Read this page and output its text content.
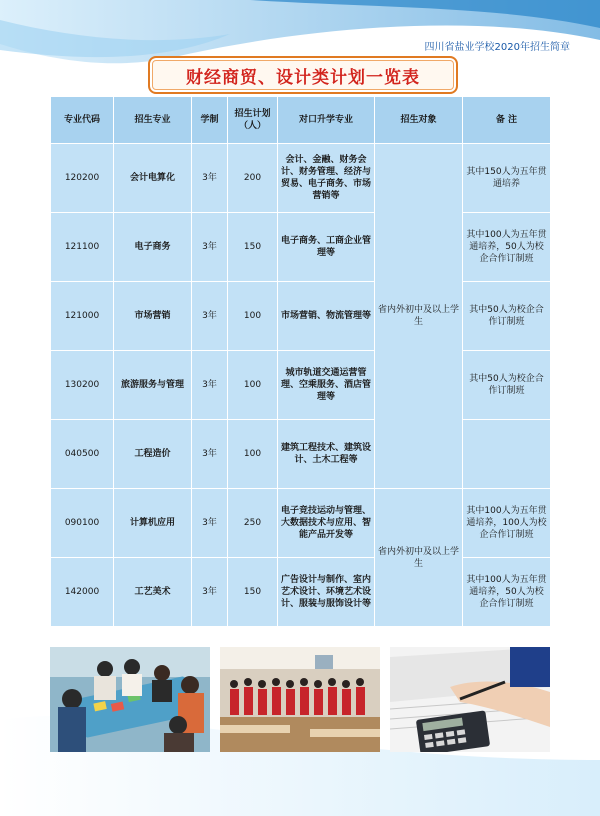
四川省盐业学校2020年招生简章
财经商贸、设计类计划一览表
专业代码	招生专业	学制	招生计划（人）	对口升学专业	招生对象	备 注
120200	会计电算化	3年	200	会计、金融、财务会计、财务管理、经济与贸易、电子商务、市场营销等	省内外初中及以上学生	其中150人为五年贯通培养
121100	电子商务	3年	150	电子商务、工商企业管理等		其中100人为五年贯通培养，50人为校企合作订制班
121000	市场营销	3年	100	市场营销、物流管理等		其中50人为校企合作订制班
130200	旅游服务与管理	3年	100	城市轨道交通运营管理、空乘服务、酒店管理等		其中50人为校企合作订制班
040500	工程造价	3年	100	建筑工程技术、建筑设计、土木工程等		
090100	计算机应用	3年	250	电子竞技运动与管理、大数据技术与应用、智能产品开发等	省内外初中及以上学生	其中100人为五年贯通培养，100人为校企合作订制班
142000	工艺美术	3年	150	广告设计与制作、室内艺术设计、环境艺术设计、服装与服饰设计等		其中100人为五年贯通培养，50人为校企合作订制班
